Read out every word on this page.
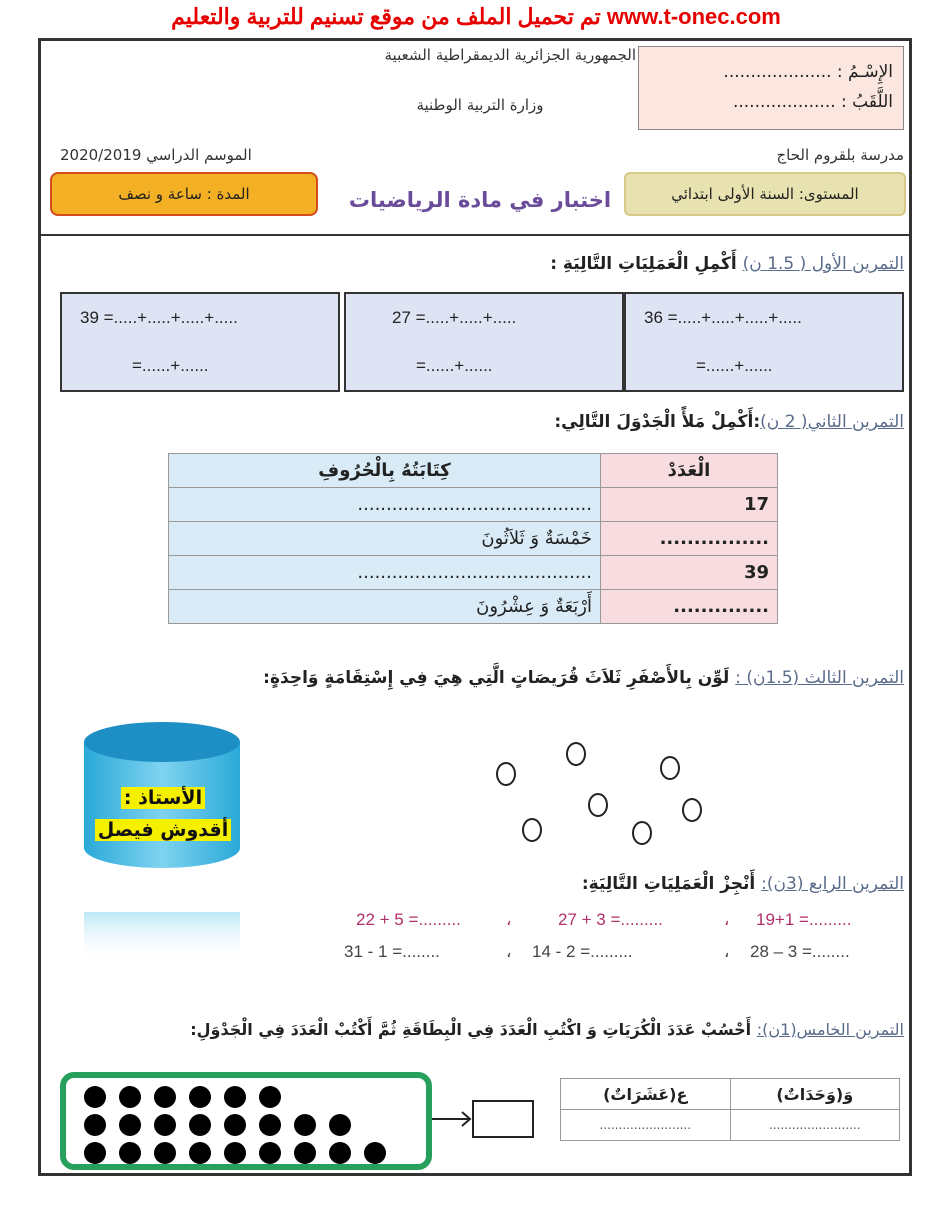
تم تحميل الملف من موقع تسنيم للتربية والتعليم www.t-onec.com
الإِسْـمُ : ....................
اللَّقَبُ : ...................
الجمهورية الجزائرية الديمقراطية الشعبية
وزارة التربية الوطنية
مدرسة بلقروم الحاج
الموسم الدراسي 2020/2019
المستوى: السنة الأولى ابتدائي
اختبار في مادة الرياضيات
المدة : ساعة و نصف
التمرين الأول ( 1.5 ن) أَكْمِلِ الْعَمَلِيَاتِ التَّالِيَةِ :
39 =.....+.....+.....+.....
=......+......
27 =.....+.....+.....
=......+......
36 =.....+.....+.....+.....
=......+......
التمرين الثاني( 2 ن):أَكْمِلْ مَلأً الْجَدْوَلَ التَّالِي:
كِتَابَتُهُ بِالْحُرُوفِ	الْعَدَدْ
.........................................	17
خَمْسَةٌ وَ ثَلاَثُونَ	................
.........................................	39
أَرْبَعَةٌ وَ عِشْرُونَ	..............
التمرين الثالث (1.5ن) : لَوِّن بِالأَصْفَرِ ثَلاَثَ قُرَيصَاتٍ الَّتِي هِيَ فِي إِسْتِقَامَةٍ وَاحِدَةٍ:
الأستاذ :
أقدوش فيصل
التمرين الرابع (3ن): أَنْجِزْ الْعَمَلِيَاتِ التَّالِيَةِ:
22 + 5 =.........	،	27 + 3 =.........	، 19+1 =.........
31 - 1 =........	، 14 - 2 =.........	، 28 – 3 =........
التمرين الخامس(1ن): أَحْسُبْ عَدَدَ الْكُرَيَاتِ وَ اكْتُبِ الْعَدَدَ فِي الْبِطَاقَةِ ثُمَّ أَكْتُبْ الْعَدَدَ فِي الْجَدْوَلِ:
ع(عَشَرَاتٌ)	وَ(وَحَدَاتٌ)
........................	........................
